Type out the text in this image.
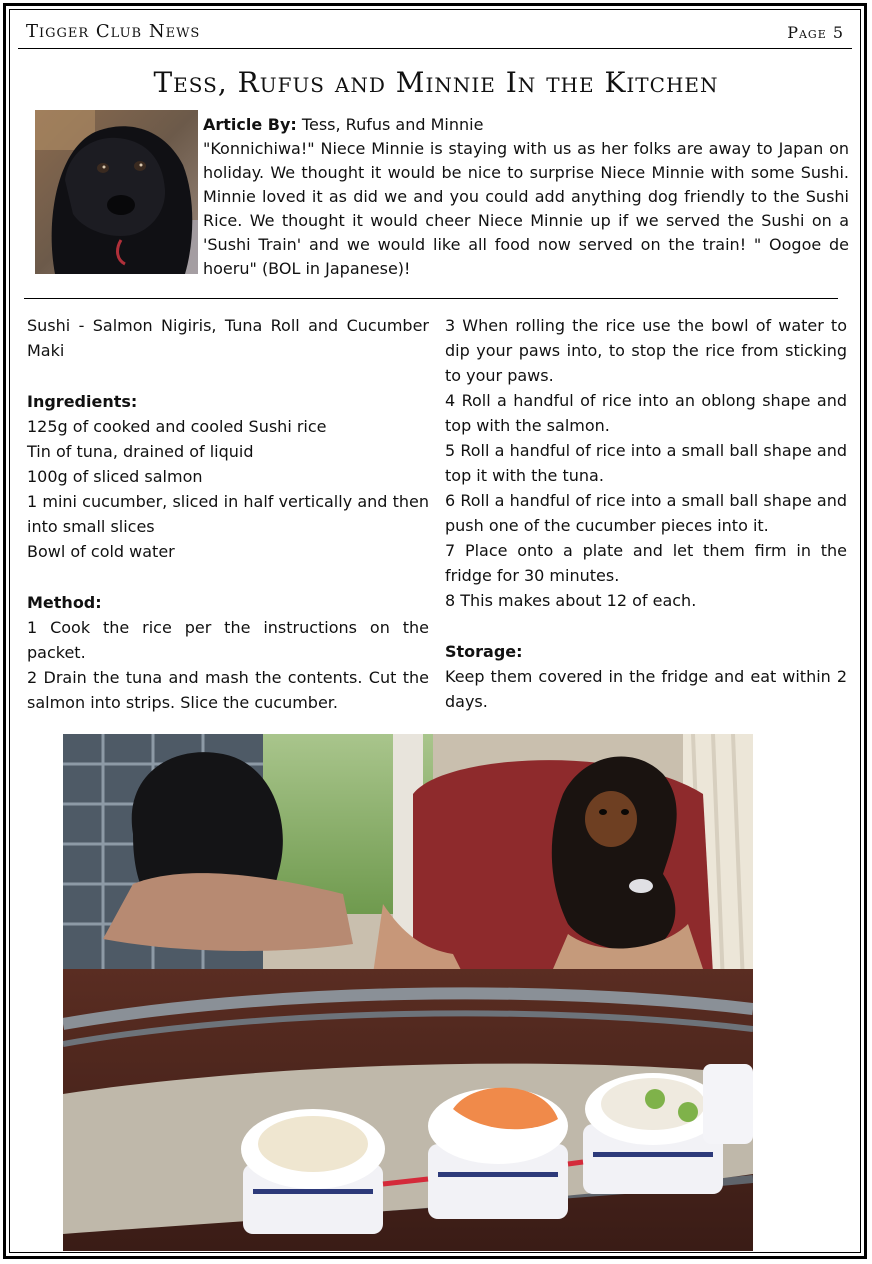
Tigger Club News	Page 5
Tess, Rufus and Minnie In the Kitchen
Article By: Tess, Rufus and Minnie
"Konnichiwa!" Niece Minnie is staying with us as her folks are away to Japan on holiday. We thought it would be nice to surprise Niece Minnie with some Sushi. Minnie loved it as did we and you could add anything dog friendly to the Sushi Rice. We thought it would cheer Niece Minnie up if we served the Sushi on a 'Sushi Train' and we would like all food now served on the train! " Oogoe de hoeru" (BOL in Japanese)!

Sushi - Salmon Nigiris, Tuna Roll and Cucumber Maki

Ingredients:

125g of cooked and cooled Sushi rice

Tin of tuna, drained of liquid

100g of sliced salmon

1 mini cucumber, sliced in half vertically and then into small slices

Bowl of cold water

Method:

1 Cook the rice per the instructions on the packet.

2 Drain the tuna and mash the contents. Cut the salmon into strips. Slice the cucumber.

3 When rolling the rice use the bowl of water to dip your paws into, to stop the rice from sticking to your paws.

4 Roll a handful of rice into an oblong shape and top with the salmon.

5 Roll a handful of rice into a small ball shape and top it with the tuna.

6 Roll a handful of rice into a small ball shape and push one of the cucumber pieces into it.

7 Place onto a plate and let them firm in the fridge for 30 minutes.

8 This makes about 12 of each.

Storage:

Keep them covered in the fridge and eat within 2 days.
